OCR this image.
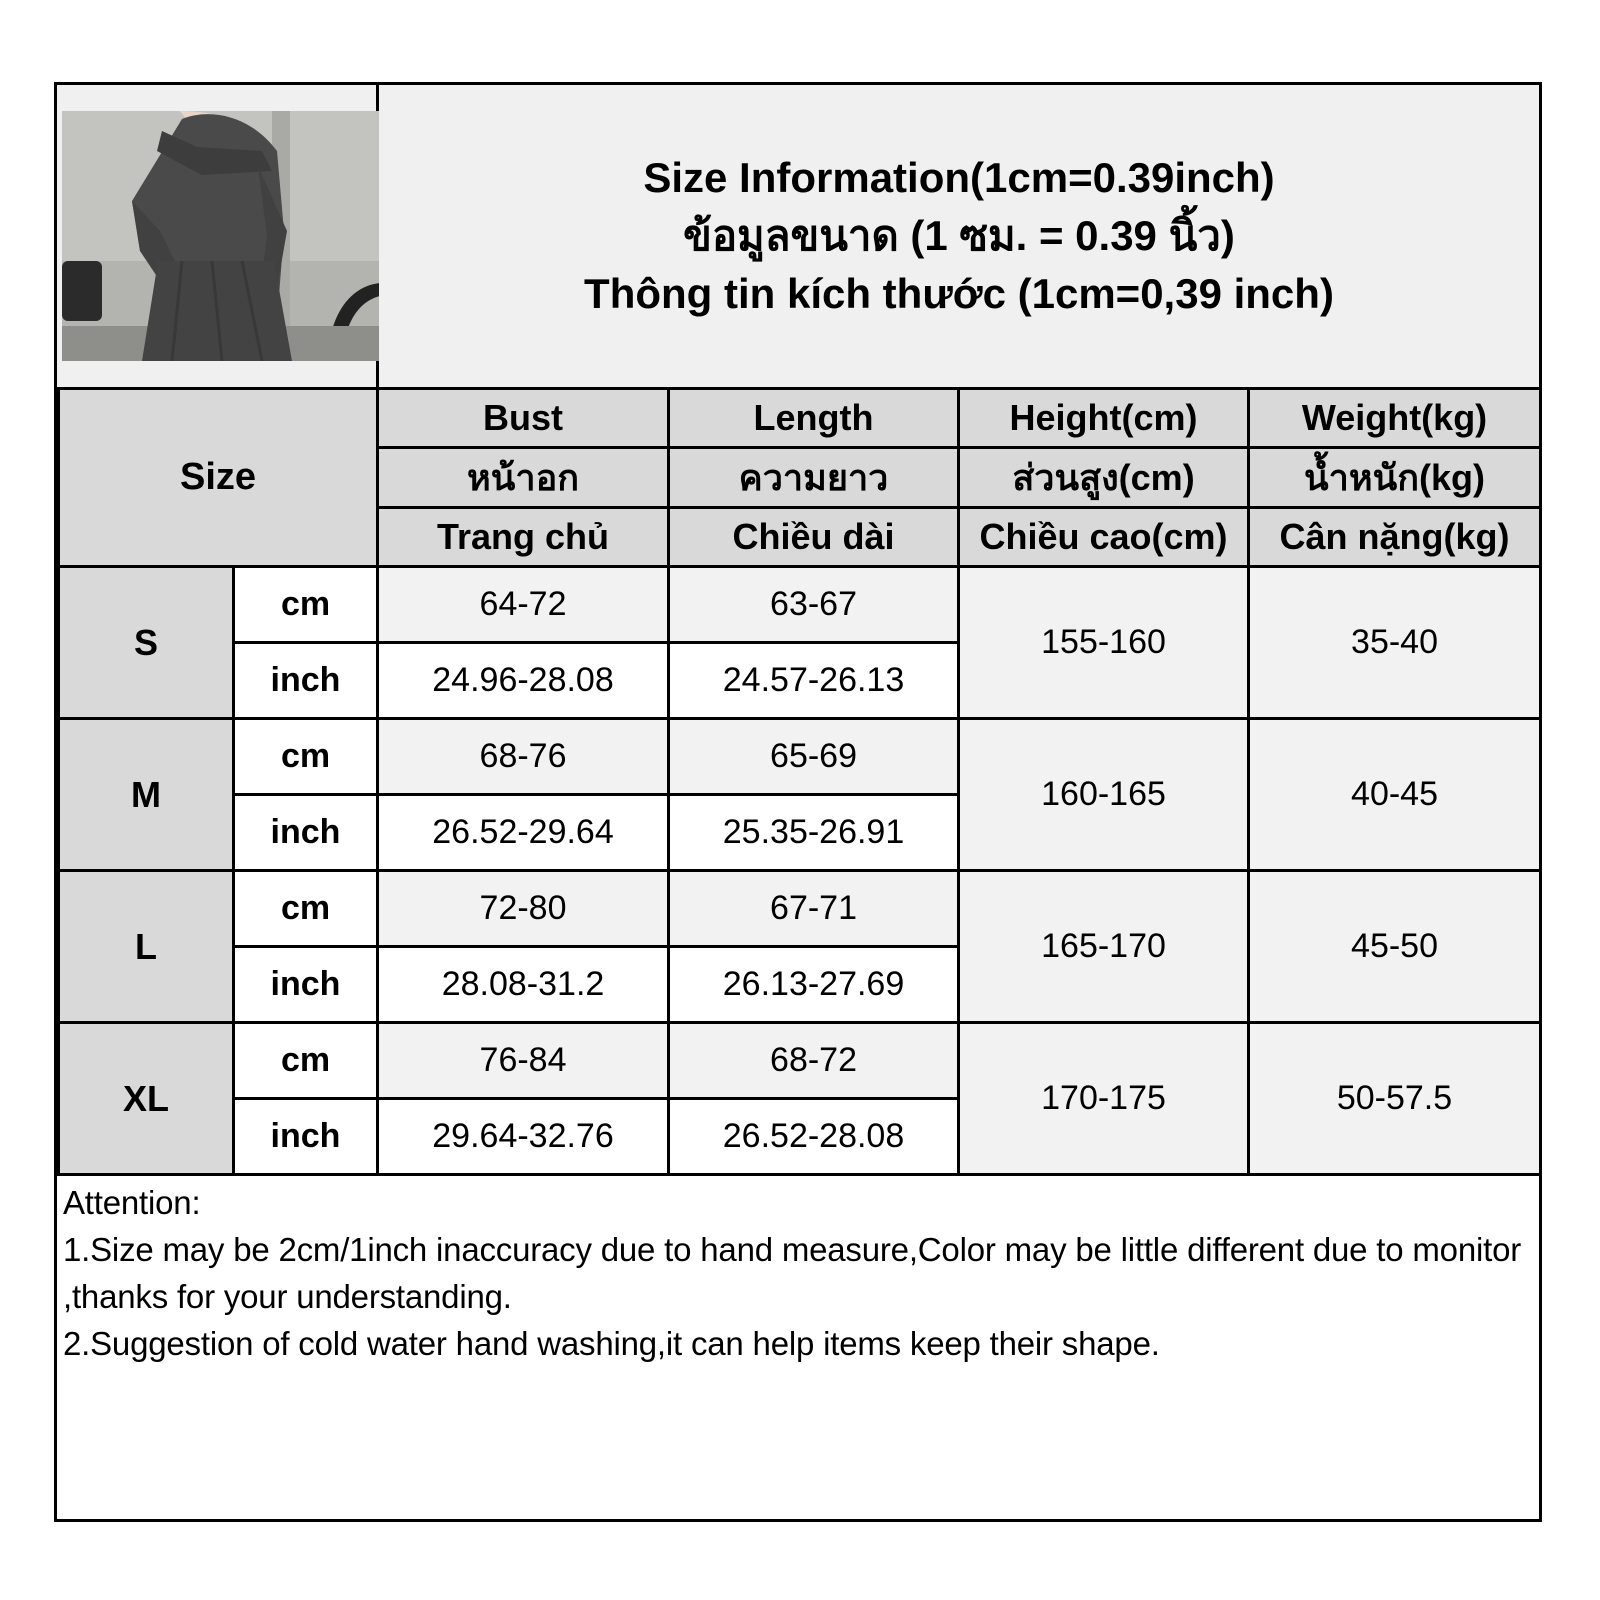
Size Information(1cm=0.39inch)
ข้อมูลขนาด (1 ซม. = 0.39 นิ้ว)
Thông tin kích thước (1cm=0,39 inch)
Size		Bust	Length	Height(cm)	Weight(kg)
		หน้าอก	ความยาว	ส่วนสูง(cm)	น้ำหนัก(kg)
		Trang chủ	Chiều dài	Chiều cao(cm)	Cân nặng(kg)
S	cm	64-72	63-67	155-160	35-40
	inch	24.96-28.08	24.57-26.13		
M	cm	68-76	65-69	160-165	40-45
	inch	26.52-29.64	25.35-26.91		
L	cm	72-80	67-71	165-170	45-50
	inch	28.08-31.2	26.13-27.69		
XL	cm	76-84	68-72	170-175	50-57.5
	inch	29.64-32.76	26.52-28.08		

Attention:

1.Size may be 2cm/1inch inaccuracy due to hand measure,Color may be little different due to monitor ,thanks for your understanding.

2.Suggestion of cold water hand washing,it can help items keep their shape.
